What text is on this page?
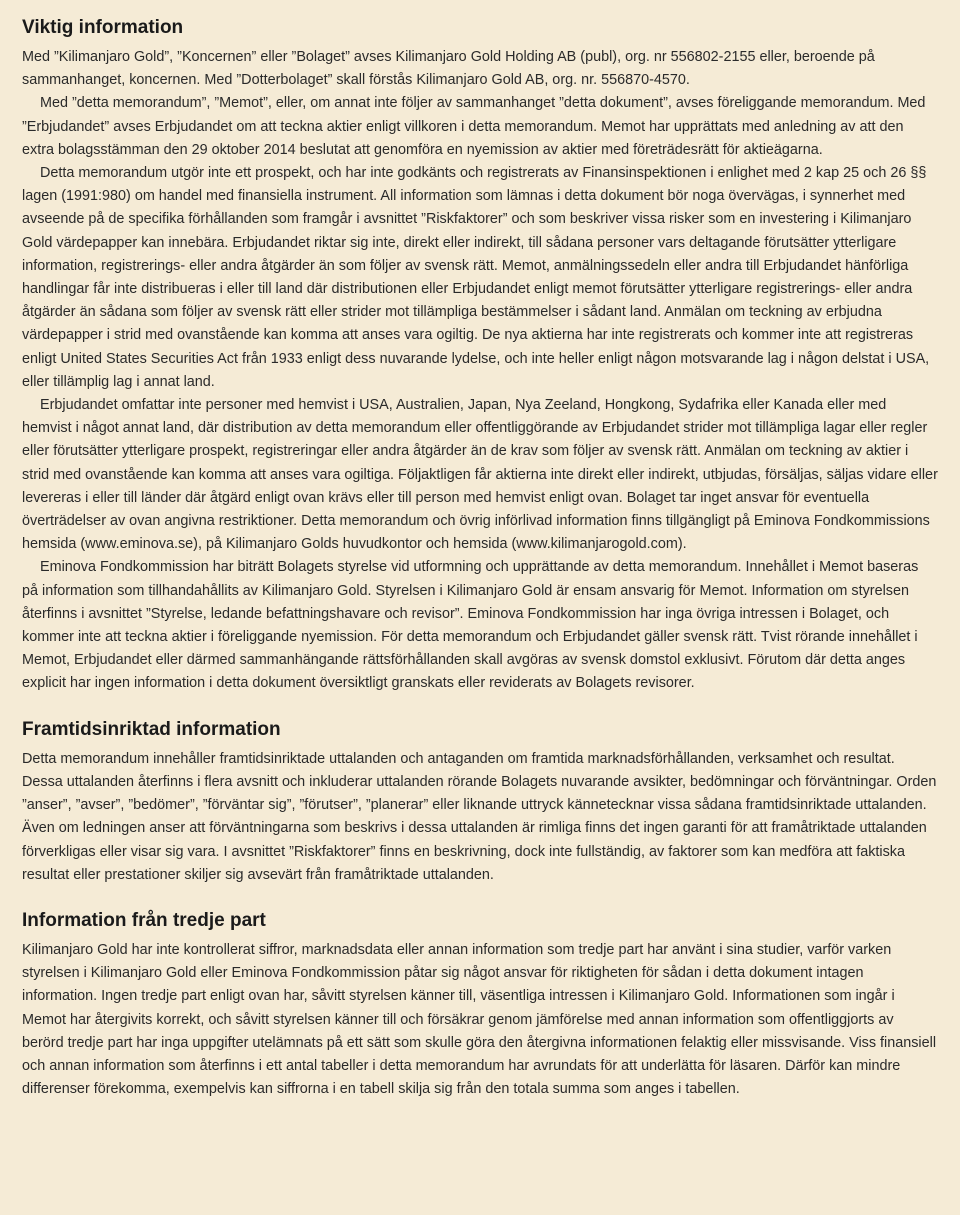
Viktig information

Med ”Kilimanjaro Gold”, ”Koncernen” eller ”Bolaget” avses Kilimanjaro Gold Holding AB (publ), org. nr 556802-2155 eller, beroende på sammanhanget, koncernen. Med ”Dotterbolaget” skall förstås Kilimanjaro Gold AB, org. nr. 556870-4570.

Med ”detta memorandum”, ”Memot”, eller, om annat inte följer av sammanhanget ”detta dokument”, avses föreliggande memorandum. Med ”Erbjudandet” avses Erbjudandet om att teckna aktier enligt villkoren i detta memorandum. Memot har upprättats med anledning av att den extra bolagsstämman den 29 oktober 2014 beslutat att genomföra en nyemission av aktier med företrädesrätt för aktieägarna.

Detta memorandum utgör inte ett prospekt, och har inte godkänts och registrerats av Finansinspektionen i enlighet med 2 kap 25 och 26 §§ lagen (1991:980) om handel med finansiella instrument. All information som lämnas i detta dokument bör noga övervägas, i synnerhet med avseende på de specifika förhållanden som framgår i avsnittet ”Riskfaktorer” och som beskriver vissa risker som en investering i Kilimanjaro Gold värdepapper kan innebära. Erbjudandet riktar sig inte, direkt eller indirekt, till sådana personer vars deltagande förutsätter ytterligare information, registrerings- eller andra åtgärder än som följer av svensk rätt. Memot, anmälningssedeln eller andra till Erbjudandet hänförliga handlingar får inte distribueras i eller till land där distributionen eller Erbjudandet enligt memot förutsätter ytterligare registrerings- eller andra åtgärder än sådana som följer av svensk rätt eller strider mot tillämpliga bestämmelser i sådant land. Anmälan om teckning av erbjudna värdepapper i strid med ovanstående kan komma att anses vara ogiltig. De nya aktierna har inte registrerats och kommer inte att registreras enligt United States Securities Act från 1933 enligt dess nuvarande lydelse, och inte heller enligt någon motsvarande lag i någon delstat i USA, eller tillämplig lag i annat land.

Erbjudandet omfattar inte personer med hemvist i USA, Australien, Japan, Nya Zeeland, Hongkong, Sydafrika eller Kanada eller med hemvist i något annat land, där distribution av detta memorandum eller offentliggörande av Erbjudandet strider mot tillämpliga lagar eller regler eller förutsätter ytterligare prospekt, registreringar eller andra åtgärder än de krav som följer av svensk rätt. Anmälan om teckning av aktier i strid med ovanstående kan komma att anses vara ogiltiga. Följaktligen får aktierna inte direkt eller indirekt, utbjudas, försäljas, säljas vidare eller levereras i eller till länder där åtgärd enligt ovan krävs eller till person med hemvist enligt ovan. Bolaget tar inget ansvar för eventuella överträdelser av ovan angivna restriktioner. Detta memorandum och övrig införlivad information finns tillgängligt på Eminova Fondkommissions hemsida (www.eminova.se), på Kilimanjaro Golds huvudkontor och hemsida (www.kilimanjarogold.com).

Eminova Fondkommission har biträtt Bolagets styrelse vid utformning och upprättande av detta memorandum. Innehållet i Memot baseras på information som tillhandahållits av Kilimanjaro Gold. Styrelsen i Kilimanjaro Gold är ensam ansvarig för Memot. Information om styrelsen återfinns i avsnittet ”Styrelse, ledande befattningshavare och revisor”. Eminova Fondkommission har inga övriga intressen i Bolaget, och kommer inte att teckna aktier i föreliggande nyemission. För detta memorandum och Erbjudandet gäller svensk rätt. Tvist rörande innehållet i Memot, Erbjudandet eller därmed sammanhängande rättsförhållanden skall avgöras av svensk domstol exklusivt. Förutom där detta anges explicit har ingen information i detta dokument översiktligt granskats eller reviderats av Bolagets revisorer.

Framtidsinriktad information

Detta memorandum innehåller framtidsinriktade uttalanden och antaganden om framtida marknadsförhållanden, verksamhet och resultat. Dessa uttalanden återfinns i flera avsnitt och inkluderar uttalanden rörande Bolagets nuvarande avsikter, bedömningar och förväntningar. Orden ”anser”, ”avser”, ”bedömer”, ”förväntar sig”, ”förutser”, ”planerar” eller liknande uttryck kännetecknar vissa sådana framtidsinriktade uttalanden. Även om ledningen anser att förväntningarna som beskrivs i dessa uttalanden är rimliga finns det ingen garanti för att framåtriktade uttalanden förverkligas eller visar sig vara. I avsnittet ”Riskfaktorer” finns en beskrivning, dock inte fullständig, av faktorer som kan medföra att faktiska resultat eller prestationer skiljer sig avsevärt från framåtriktade uttalanden.

Information från tredje part

Kilimanjaro Gold har inte kontrollerat siffror, marknadsdata eller annan information som tredje part har använt i sina studier, varför varken styrelsen i Kilimanjaro Gold eller Eminova Fondkommission påtar sig något ansvar för riktigheten för sådan i detta dokument intagen information. Ingen tredje part enligt ovan har, såvitt styrelsen känner till, väsentliga intressen i Kilimanjaro Gold. Informationen som ingår i Memot har återgivits korrekt, och såvitt styrelsen känner till och försäkrar genom jämförelse med annan information som offentliggjorts av berörd tredje part har inga uppgifter utelämnats på ett sätt som skulle göra den återgivna informationen felaktig eller missvisande. Viss finansiell och annan information som återfinns i ett antal tabeller i detta memorandum har avrundats för att underlätta för läsaren. Därför kan mindre differenser förekomma, exempelvis kan siffrorna i en tabell skilja sig från den totala summa som anges i tabellen.
